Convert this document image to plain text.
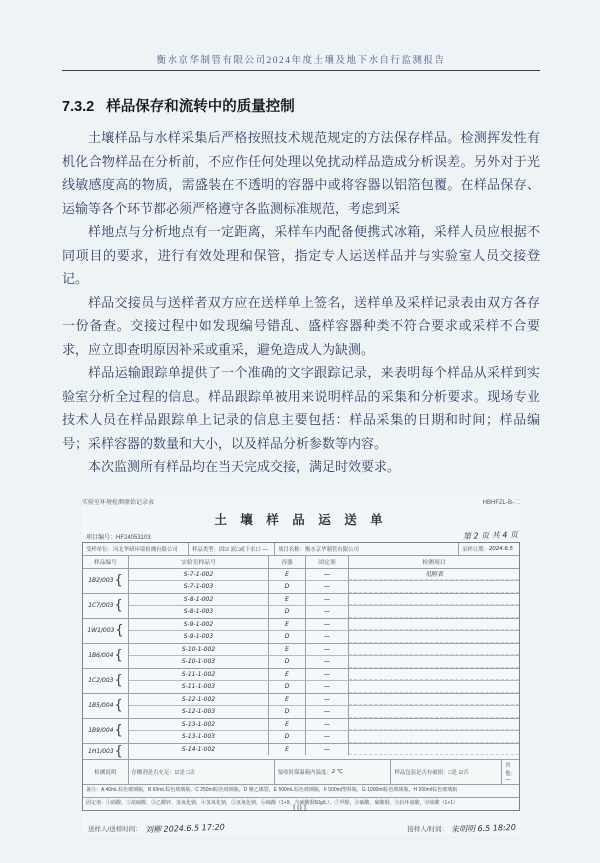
衡水京华制管有限公司2024年度土壤及地下水自行监测报告
7.3.2 样品保存和流转中的质量控制

土壤样品与水样采集后严格按照技术规范规定的方法保存样品。检测挥发性有机化合物样品在分析前，不应作任何处理以免扰动样品造成分析误差。另外对于光线敏感度高的物质，需盛装在不透明的容器中或将容器以铝箔包覆。在样品保存、运输等各个环节都必须严格遵守各监测标准规范，考虑到采

样地点与分析地点有一定距离，采样车内配备便携式冰箱，采样人员应根据不同项目的要求，进行有效处理和保管，指定专人运送样品并与实验室人员交接登记。

样品交接员与送样者双方应在送样单上签名，送样单及采样记录表由双方各存一份备查。交接过程中如发现编号错乱、盛样容器种类不符合要求或采样不合要求，应立即查明原因补采或重采，避免造成人为缺测。

样品运输跟踪单提供了一个准确的文字跟踪记录，来表明每个样品从采样到实验室分析全过程的信息。样品跟踪单被用来说明样品的采集和分析要求。现场专业技术人员在样品跟踪单上记录的信息主要包括：样品采集的日期和时间；样品编号；采样容器的数量和大小，以及样品分析参数等内容。

本次监测所有样品均在当天完成交接，满足时效要求。

实验室环境检测原始记录表	HBHFZL-B-二
土 壤 样 品 运 送 单
项目编号：HF24053103	第 2 页 共 4 页
受样单位：河北华研环境检测有限公司	样品类型：固☑ 液□或下水口 —	项目名称：衡水京华制管有限公司	采样日期： 2024.6.5
样品编号	实验室样品号	容器	固定剂	检测项目
1B2/003 {	S-7-1-002	E	—	见附表
S-7-1-003	D	—
1C7/003 {	S-8-1-002	E	—
S-8-1-003	D	—
1W1/003 {	S-9-1-002	E	—
S-9-1-003	D	—
1B6/004 {	S-10-1-002	E	—
S-10-1-003	D	—
1C2/003 {	S-11-1-002	E	—
S-11-1-003	D	—
1B5/004 {	S-12-1-002	E	—
S-12-1-003	D	—
1B9/004 {	S-13-1-002	E	—
S-13-1-003	D	—
1H1/003 {	S-14-1-002	E	—
检测说明	存酸剂是否充足：☑是 □否	接收时保温箱内温度： 2
℃	样品包装是否有破损：□是 ☑否
其他：—
备注：A 40mL棕色玻璃瓶，B 60mL棕色玻璃瓶，C 250ml棕色玻璃瓶，D 聚乙烯袋，E 500mL棕色玻璃瓶，F 500ml塑料瓶，G 1000ml棕色玻璃瓶，H 200ml棕色玻璃瓶
固定剂：①硝酸，②浓硫酸，③乙酸锌、氢氧化钠，④氢氧化钠，⑤氢氧化钠，⑥硫酸（1+9，含硫酸铜50g/L），⑦甲醇，⑧硫酸、硫酸铜，⑨抗坏血酸，⑩盐酸（1+1）
送样人/送样时间： 刘柳 2024.6.5 17:20	接样人/时间： 朱明明 6.5 18:20
101
